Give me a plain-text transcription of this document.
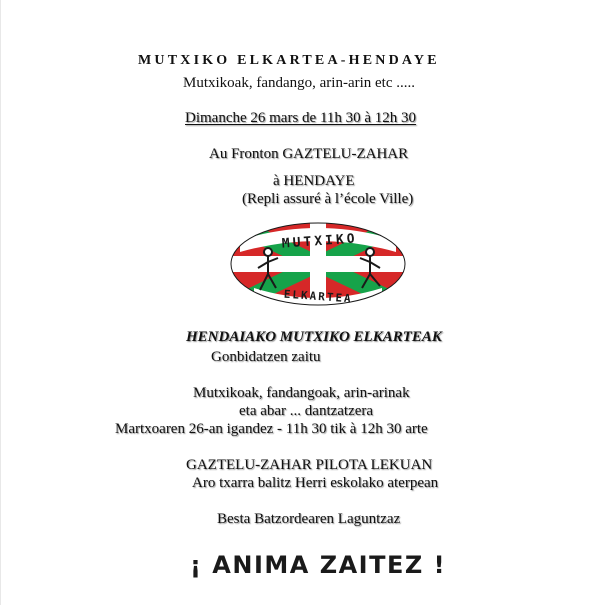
MUTXIKO ELKARTEA-HENDAYE
Mutxikoak, fandango, arin-arin etc .....
Dimanche 26 mars de 11h 30 à 12h 30
Au Fronton GAZTELU-ZAHAR
à HENDAYE
(Repli assuré à l’école Ville)
MUTXIKO
ELKARTEA
HENDAIAKO MUTXIKO ELKARTEAK
Gonbidatzen zaitu
Mutxikoak, fandangoak, arin-arinak
eta abar ... dantzatzera
Martxoaren 26-an igandez - 11h 30 tik à 12h 30 arte
GAZTELU-ZAHAR PILOTA LEKUAN
Aro txarra balitz Herri eskolako aterpean
Besta Batzordearen Laguntzaz
¡ ANIMA ZAITEZ !
